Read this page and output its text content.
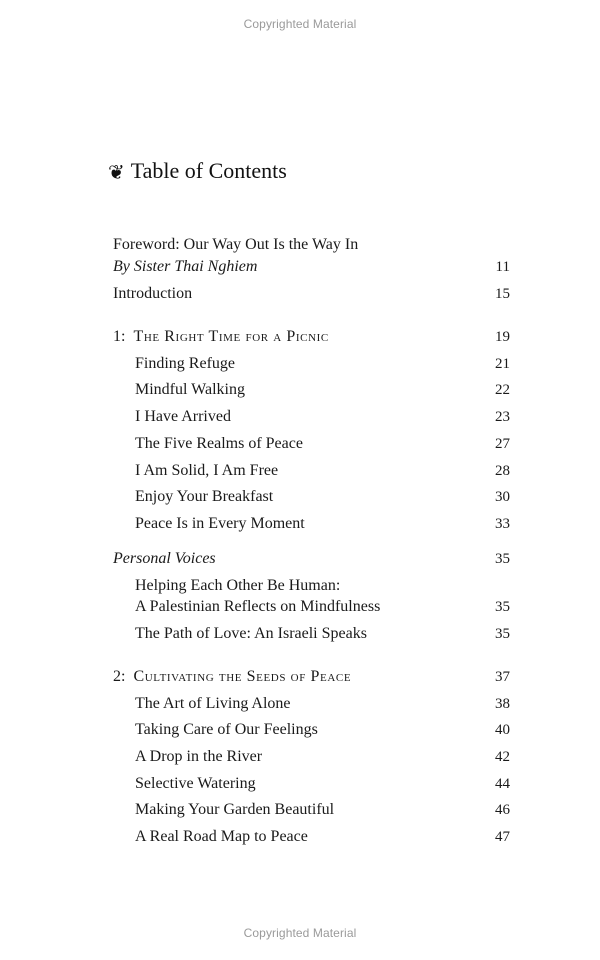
Copyrighted Material
❦ Table of Contents
Foreword: Our Way Out Is the Way In
By Sister Thai Nghiem	11
Introduction	15
1: The Right Time for a Picnic	19
Finding Refuge	21
Mindful Walking	22
I Have Arrived	23
The Five Realms of Peace	27
I Am Solid, I Am Free	28
Enjoy Your Breakfast	30
Peace Is in Every Moment	33
Personal Voices	35
Helping Each Other Be Human:
A Palestinian Reflects on Mindfulness	35
The Path of Love: An Israeli Speaks	35
2: Cultivating the Seeds of Peace	37
The Art of Living Alone	38
Taking Care of Our Feelings	40
A Drop in the River	42
Selective Watering	44
Making Your Garden Beautiful	46
A Real Road Map to Peace	47
Copyrighted Material
